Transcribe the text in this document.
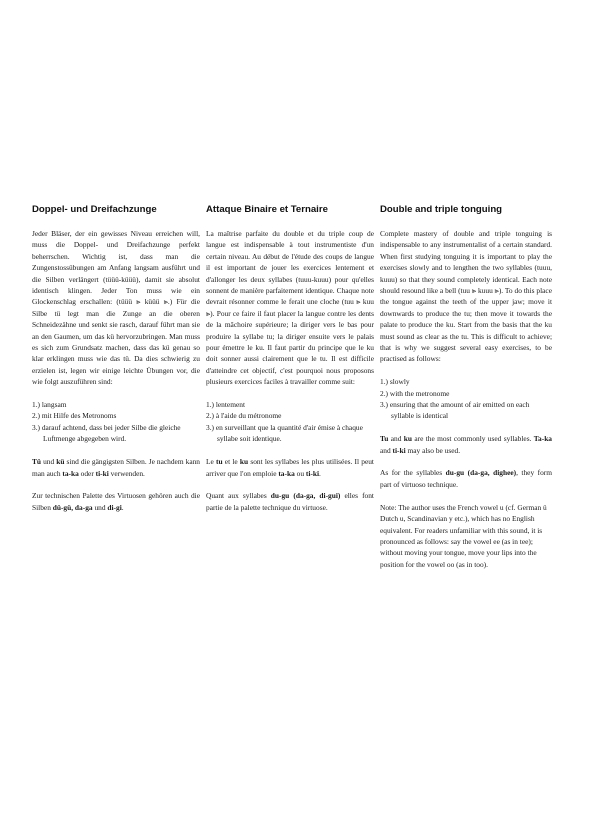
Doppel- und Dreifachzunge

Jeder Bläser, der ein gewisses Niveau erreichen will, muss die Doppel- und Dreifachzunge perfekt beherrschen. Wichtig ist, dass man die Zungenstossübungen am Anfang langsam ausführt und die Silben verlängert (tüüü-küüü), damit sie absolut identisch klingen. Jeder Ton muss wie ein Glockenschlag erschallen: (tüüü ⪢ küüü ⪢.) Für die Silbe tü legt man die Zunge an die oberen Schneidezähne und senkt sie rasch, darauf führt man sie an den Gaumen, um das kü hervorzubringen. Man muss es sich zum Grundsatz machen, dass das kü genau so klar erklingen muss wie das tü. Da dies schwierig zu erzielen ist, legen wir einige leichte Übungen vor, die wie folgt auszuführen sind:

1.) langsam
2.) mit Hilfe des Metronoms
3.) darauf achtend, dass bei jeder Silbe die gleiche Luftmenge abgegeben wird.

Tü und kü sind die gängigsten Silben. Je nachdem kann man auch ta-ka oder ti-ki verwenden.

Zur technischen Palette des Virtuosen gehören auch die Silben dü-gü, da-ga und di-gi.

Attaque Binaire et Ternaire

La maîtrise parfaite du double et du triple coup de langue est indispensable à tout instrumentiste d'un certain niveau. Au début de l'étude des coups de langue il est important de jouer les exercices lentement et d'allonger les deux syllabes (tuuu-kuuu) pour qu'elles sonnent de manière parfaitement identique. Chaque note devrait résonner comme le ferait une cloche (tuu ⪢ kuu ⪢). Pour ce faire il faut placer la langue contre les dents de la mâchoire supérieure; la diriger vers le bas pour produire la syllabe tu; la diriger ensuite vers le palais pour émettre le ku. Il faut partir du principe que le ku doit sonner aussi clairement que le tu. Il est difficile d'atteindre cet objectif, c'est pourquoi nous proposons plusieurs exercices faciles à travailler comme suit:

1.) lentement
2.) à l'aide du métronome
3.) en surveillant que la quantité d'air émise à chaque syllabe soit identique.

Le tu et le ku sont les syllabes les plus utilisées. Il peut arriver que l'on emploie ta-ka ou ti-ki.

Quant aux syllabes du-gu (da-ga, di-gui) elles font partie de la palette technique du virtuose.

Double and triple tonguing

Complete mastery of double and triple tonguing is indispensable to any instrumentalist of a certain standard. When first studying tonguing it is important to play the exercises slowly and to lengthen the two syllables (tuuu, kuuu) so that they sound completely identical. Each note should resound like a bell (tuu ⪢ kuuu ⪢). To do this place the tongue against the teeth of the upper jaw; move it downwards to produce the tu; then move it towards the palate to produce the ku. Start from the basis that the ku must sound as clear as the tu. This is difficult to achieve; that is why we suggest several easy exercises, to be practised as follows:

1.) slowly
2.) with the metronome
3.) ensuring that the amount of air emitted on each syllable is identical

Tu and ku are the most commonly used syllables. Ta-ka and ti-ki may also be used.

As for the syllables du-gu (da-ga, dighee), they form part of virtuoso technique.

Note: The author uses the French vowel u (cf. German ü Dutch u, Scandinavian y etc.), which has no English equivalent. For readers unfamiliar with this sound, it is pronounced as follows: say the vowel ee (as in tee); without moving your tongue, move your lips into the position for the vowel oo (as in too).
